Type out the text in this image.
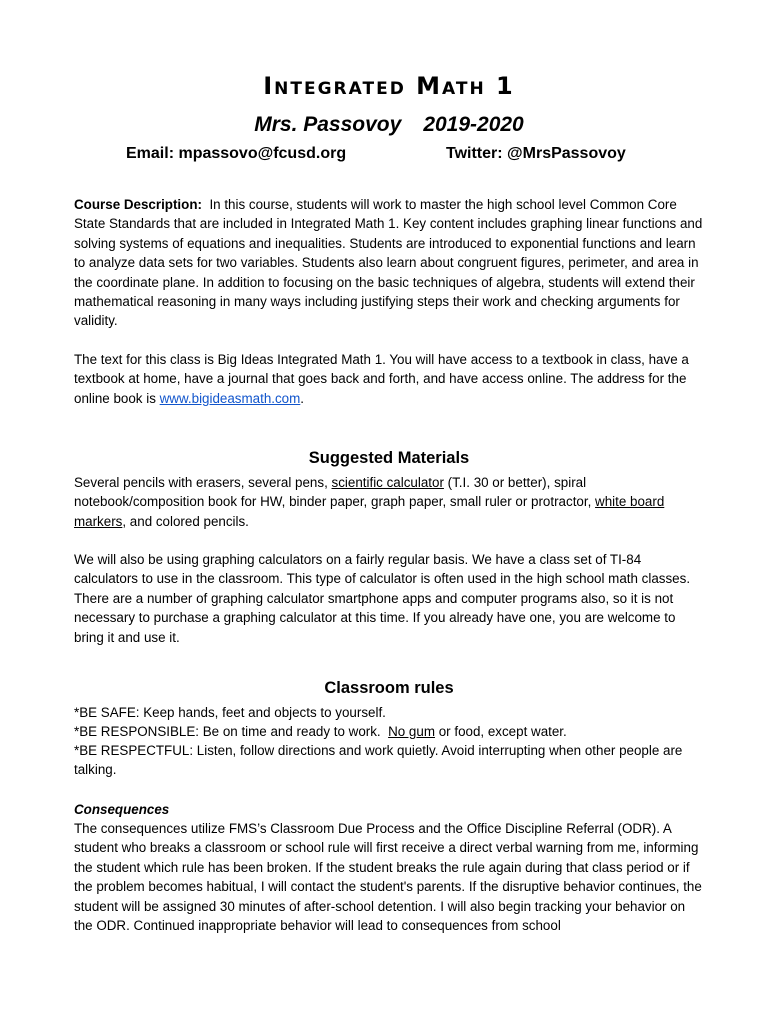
Integrated Math 1
Mrs. Passovoy 2019-2020
Email: mpassovo@fcusd.org	Twitter: @MrsPassovoy

Course Description: In this course, students will work to master the high school level Common Core State Standards that are included in Integrated Math 1. Key content includes graphing linear functions and solving systems of equations and inequalities. Students are introduced to exponential functions and learn to analyze data sets for two variables. Students also learn about congruent figures, perimeter, and area in the coordinate plane. In addition to focusing on the basic techniques of algebra, students will extend their mathematical reasoning in many ways including justifying steps their work and checking arguments for validity.

The text for this class is Big Ideas Integrated Math 1. You will have access to a textbook in class, have a textbook at home, have a journal that goes back and forth, and have access online. The address for the online book is www.bigideasmath.com.

Suggested Materials

Several pencils with erasers, several pens, scientific calculator (T.I. 30 or better), spiral notebook/composition book for HW, binder paper, graph paper, small ruler or protractor, white board markers, and colored pencils.

We will also be using graphing calculators on a fairly regular basis. We have a class set of TI-84 calculators to use in the classroom. This type of calculator is often used in the high school math classes. There are a number of graphing calculator smartphone apps and computer programs also, so it is not necessary to purchase a graphing calculator at this time. If you already have one, you are welcome to bring it and use it.

Classroom rules

*BE SAFE: Keep hands, feet and objects to yourself.

*BE RESPONSIBLE: Be on time and ready to work. No gum or food, except water.

*BE RESPECTFUL: Listen, follow directions and work quietly. Avoid interrupting when other people are talking.

Consequences

The consequences utilize FMS’s Classroom Due Process and the Office Discipline Referral (ODR). A student who breaks a classroom or school rule will first receive a direct verbal warning from me, informing the student which rule has been broken. If the student breaks the rule again during that class period or if the problem becomes habitual, I will contact the student's parents. If the disruptive behavior continues, the student will be assigned 30 minutes of after-school detention. I will also begin tracking your behavior on the ODR. Continued inappropriate behavior will lead to consequences from school
